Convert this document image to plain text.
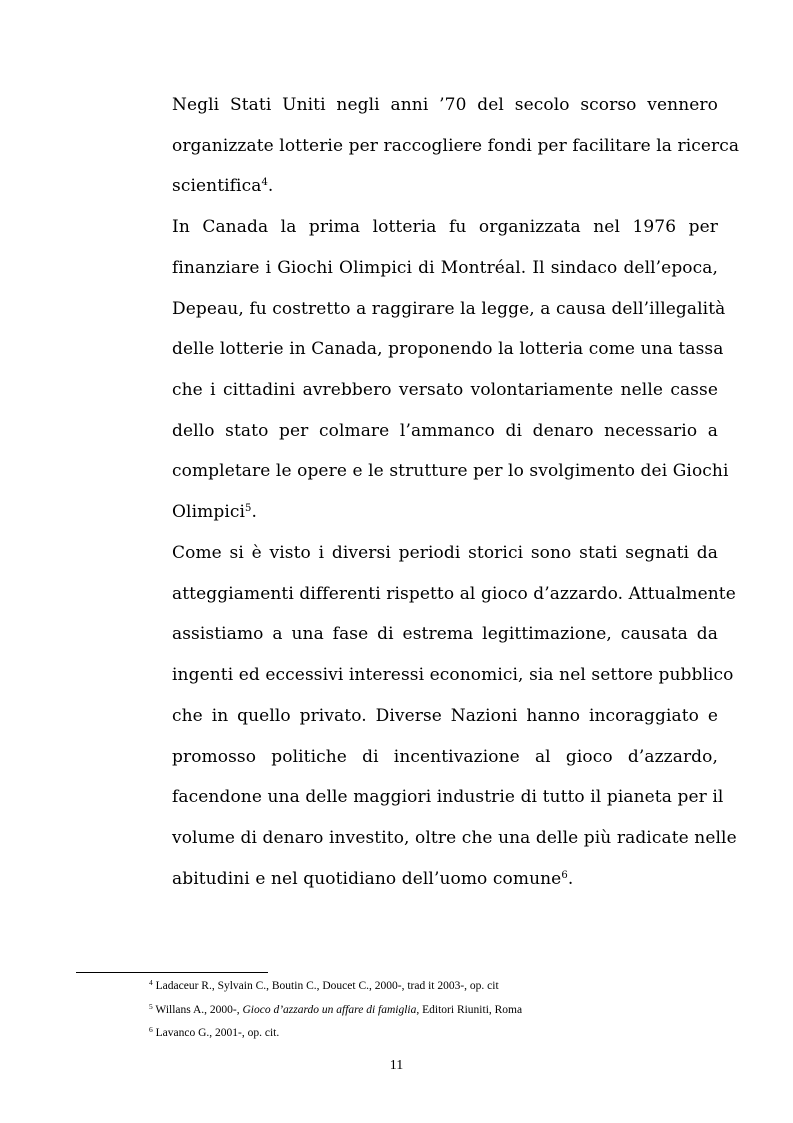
Negli Stati Uniti negli anni ’70 del secolo scorso vennero
organizzate lotterie per raccogliere fondi per facilitare la ricerca
scientifica$^4$.
In Canada la prima lotteria fu organizzata nel 1976 per
finanziare i Giochi Olimpici di Montréal. Il sindaco dell’epoca,
Depeau, fu costretto a raggirare la legge, a causa dell’illegalità
delle lotterie in Canada, proponendo la lotteria come una tassa
che i cittadini avrebbero versato volontariamente nelle casse
dello stato per colmare l’ammanco di denaro necessario a
completare le opere e le strutture per lo svolgimento dei Giochi
Olimpici$^5$.
Come si è visto i diversi periodi storici sono stati segnati da
atteggiamenti differenti rispetto al gioco d’azzardo. Attualmente
assistiamo a una fase di estrema legittimazione, causata da
ingenti ed eccessivi interessi economici, sia nel settore pubblico
che in quello privato. Diverse Nazioni hanno incoraggiato e
promosso politiche di incentivazione al gioco d’azzardo,
facendone una delle maggiori industrie di tutto il pianeta per il
volume di denaro investito, oltre che una delle più radicate nelle
abitudini e nel quotidiano dell’uomo comune$^6$.
$^4$ Ladaceur R., Sylvain C., Boutin C., Doucet C., 2000-, trad it 2003-, op. cit
$^5$ Willans A., 2000-, Gioco d’azzardo un affare di famiglia, Editori Riuniti, Roma
$^6$ Lavanco G., 2001-, op. cit.
11
